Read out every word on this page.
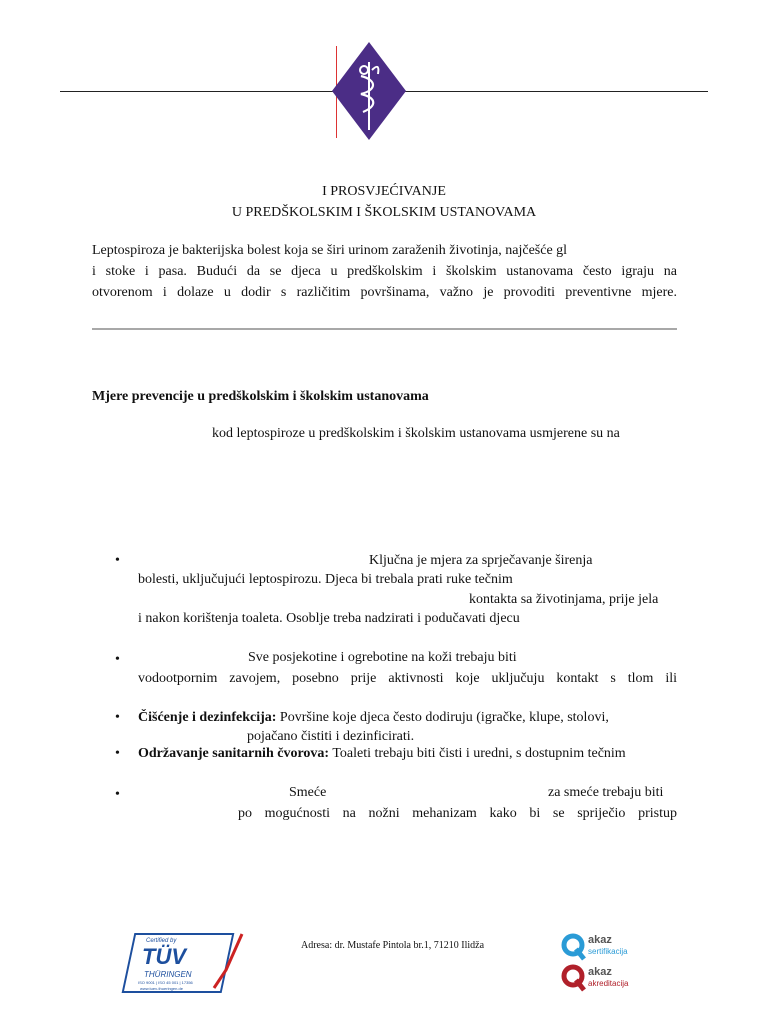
I PROSVJEĆIVANJE
U PREDŠKOLSKIM I ŠKOLSKIM USTANOVAMA
Leptospiroza je bakterijska bolest koja se širi urinom zaraženih životinja, najčešće gl
i stoke i pasa. Budući da se djeca u predškolskim i školskim ustanovama često igraju na
otvorenom i dolaze u dodir s različitim površinama, važno je provoditi preventivne mjere.
Mjere prevencije u predškolskim i školskim ustanovama
kod leptospiroze u predškolskim i školskim ustanovama usmjerene su na
•	Ključna je mjera za sprječavanje širenja
bolesti, uključujući leptospirozu. Djeca bi trebala prati ruke tečnim
kontakta sa životinjama, prije jela
i nakon korištenja toaleta. Osoblje treba nadzirati i podučavati djecu
•	Sve posjekotine i ogrebotine na koži trebaju biti
vodootpornim zavojem, posebno prije aktivnosti koje uključuju kontakt s tlom ili
• Čišćenje i dezinfekcija: Površine koje djeca često dodiruju (igračke, klupe, stolovi,
pojačano čistiti i dezinficirati.
• Održavanje sanitarnih čvorova: Toaleti trebaju biti čisti i uredni, s dostupnim tečnim
•	Smeće	za smeće trebaju biti
po mogućnosti na nožni mehanizam kako bi se spriječio pristup
Certified by
TÜV
THÜRINGEN
ISO 9001 | ISO 45 001 | 17356
www.tuev-thueringen.de
Adresa: dr. Mustafe Pintola br.1, 71210 Ilidža	akaz
sertifikacija
akaz
akreditacija
